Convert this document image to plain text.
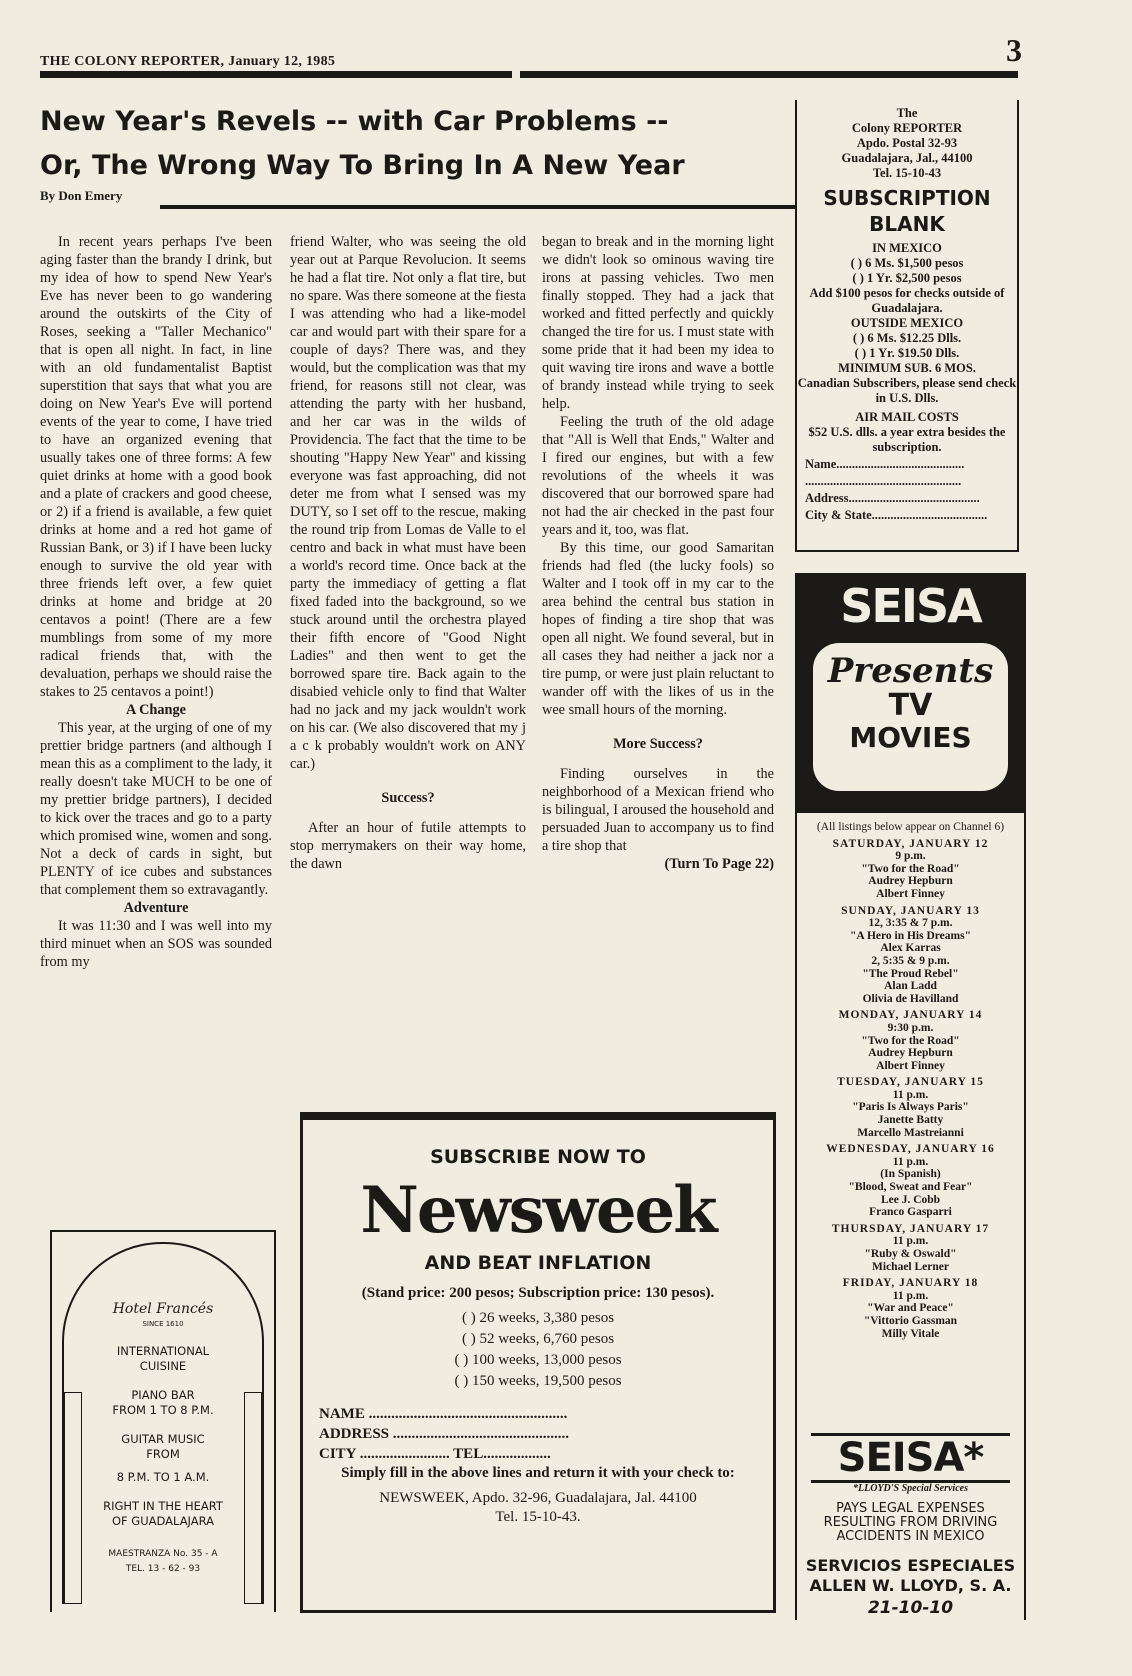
THE COLONY REPORTER, January 12, 1985	3
New Year's Revels -- with Car Problems --
Or, The Wrong Way To Bring In A New Year
By Don Emery

In recent years perhaps I've been aging faster than the brandy I drink, but my idea of how to spend New Year's Eve has never been to go wandering around the outskirts of the City of Roses, seeking a "Taller Mechanico" that is open all night. In fact, in line with an old fundamentalist Baptist superstition that says that what you are doing on New Year's Eve will portend events of the year to come, I have tried to have an organized evening that usually takes one of three forms: A few quiet drinks at home with a good book and a plate of crackers and good cheese, or 2) if a friend is available, a few quiet drinks at home and a red hot game of Russian Bank, or 3) if I have been lucky enough to survive the old year with three friends left over, a few quiet drinks at home and bridge at 20 centavos a point! (There are a few mumblings from some of my more radical friends that, with the devaluation, perhaps we should raise the stakes to 25 centavos a point!)

A Change

This year, at the urging of one of my prettier bridge partners (and although I mean this as a compliment to the lady, it really doesn't take MUCH to be one of my prettier bridge partners), I decided to kick over the traces and go to a party which promised wine, women and song. Not a deck of cards in sight, but PLENTY of ice cubes and substances that complement them so extravagantly.

Adventure

It was 11:30 and I was well into my third minuet when an SOS was sounded from my

friend Walter, who was seeing the old year out at Parque Revolucion. It seems he had a flat tire. Not only a flat tire, but no spare. Was there someone at the fiesta I was attending who had a like-model car and would part with their spare for a couple of days? There was, and they would, but the complication was that my friend, for reasons still not clear, was attending the party with her husband, and her car was in the wilds of Providencia. The fact that the time to be shouting "Happy New Year" and kissing everyone was fast approaching, did not deter me from what I sensed was my DUTY, so I set off to the rescue, making the round trip from Lomas de Valle to el centro and back in what must have been a world's record time. Once back at the party the immediacy of getting a flat fixed faded into the background, so we stuck around until the orchestra played their fifth encore of "Good Night Ladies" and then went to get the borrowed spare tire. Back again to the disabied vehicle only to find that Walter had no jack and my jack wouldn't work on his car. (We also discovered that my j a c k probably wouldn't work on ANY car.)

Success?

After an hour of futile attempts to stop merrymakers on their way home, the dawn

began to break and in the morning light we didn't look so ominous waving tire irons at passing vehicles. Two men finally stopped. They had a jack that worked and fitted perfectly and quickly changed the tire for us. I must state with some pride that it had been my idea to quit waving tire irons and wave a bottle of brandy instead while trying to seek help.

Feeling the truth of the old adage that "All is Well that Ends," Walter and I fired our engines, but with a few revolutions of the wheels it was discovered that our borrowed spare had not had the air checked in the past four years and it, too, was flat.

By this time, our good Samaritan friends had fled (the lucky fools) so Walter and I took off in my car to the area behind the central bus station in hopes of finding a tire shop that was open all night. We found several, but in all cases they had neither a jack nor a tire pump, or were just plain reluctant to wander off with the likes of us in the wee small hours of the morning.

More Success?

Finding ourselves in the neighborhood of a Mexican friend who is bilingual, I aroused the household and persuaded Juan to accompany us to find a tire shop that

(Turn To Page 22)

The
Colony REPORTER
Apdo. Postal 32-93
Guadalajara, Jal., 44100
Tel. 15-10-43
SUBSCRIPTION BLANK
IN MEXICO
( ) 6 Ms. $1,500 pesos
( ) 1 Yr. $2,500 pesos
Add $100 pesos for checks outside of Guadalajara.
OUTSIDE MEXICO
( ) 6 Ms. $12.25 Dlls.
( ) 1 Yr. $19.50 Dlls.
MINIMUM SUB. 6 MOS.
Canadian Subscribers, please send check in U.S. Dlls.
AIR MAIL COSTS
$52 U.S. dlls. a year extra besides the subscription.
Name.........................................
..................................................
Address..........................................
City & State.....................................
SEISA
Presents
TV
MOVIES
(All listings below appear on Channel 6)
SATURDAY, JANUARY 12
9 p.m.
"Two for the Road"
Audrey Hepburn
Albert Finney
SUNDAY, JANUARY 13
12, 3:35 & 7 p.m.
"A Hero in His Dreams"
Alex Karras
2, 5:35 & 9 p.m.
"The Proud Rebel"
Alan Ladd
Olivia de Havilland
MONDAY, JANUARY 14
9:30 p.m.
"Two for the Road"
Audrey Hepburn
Albert Finney
TUESDAY, JANUARY 15
11 p.m.
"Paris Is Always Paris"
Janette Batty
Marcello Mastreianni
WEDNESDAY, JANUARY 16
11 p.m.
(In Spanish)
"Blood, Sweat and Fear"
Lee J. Cobb
Franco Gasparri
THURSDAY, JANUARY 17
11 p.m.
"Ruby & Oswald"
Michael Lerner
FRIDAY, JANUARY 18
11 p.m.
"War and Peace"
"Vittorio Gassman
Milly Vitale
SEISA*
*LLOYD'S Special Services
PAYS LEGAL EXPENSES
RESULTING FROM DRIVING
ACCIDENTS IN MEXICO
SERVICIOS ESPECIALES
ALLEN W. LLOYD, S. A.
21-10-10
SUBSCRIBE NOW TO
Newsweek
AND BEAT INFLATION
(Stand price: 200 pesos; Subscription price: 130 pesos).
( ) 26 weeks, 3,380 pesos
( ) 52 weeks, 6,760 pesos
( ) 100 weeks, 13,000 pesos
( ) 150 weeks, 19,500 pesos
NAME .....................................................
ADDRESS ...............................................
CITY ........................ TEL..................
Simply fill in the above lines and return it with your check to:
NEWSWEEK, Apdo. 32-96, Guadalajara, Jal. 44100
Tel. 15-10-43.
Hotel Francés
SINCE 1610
INTERNATIONAL
CUISINE
PIANO BAR
FROM 1 TO 8 P.M.
GUITAR MUSIC
FROM
8 P.M. TO 1 A.M.
RIGHT IN THE HEART
OF GUADALAJARA
MAESTRANZA No. 35 - A
TEL. 13 - 62 - 93
